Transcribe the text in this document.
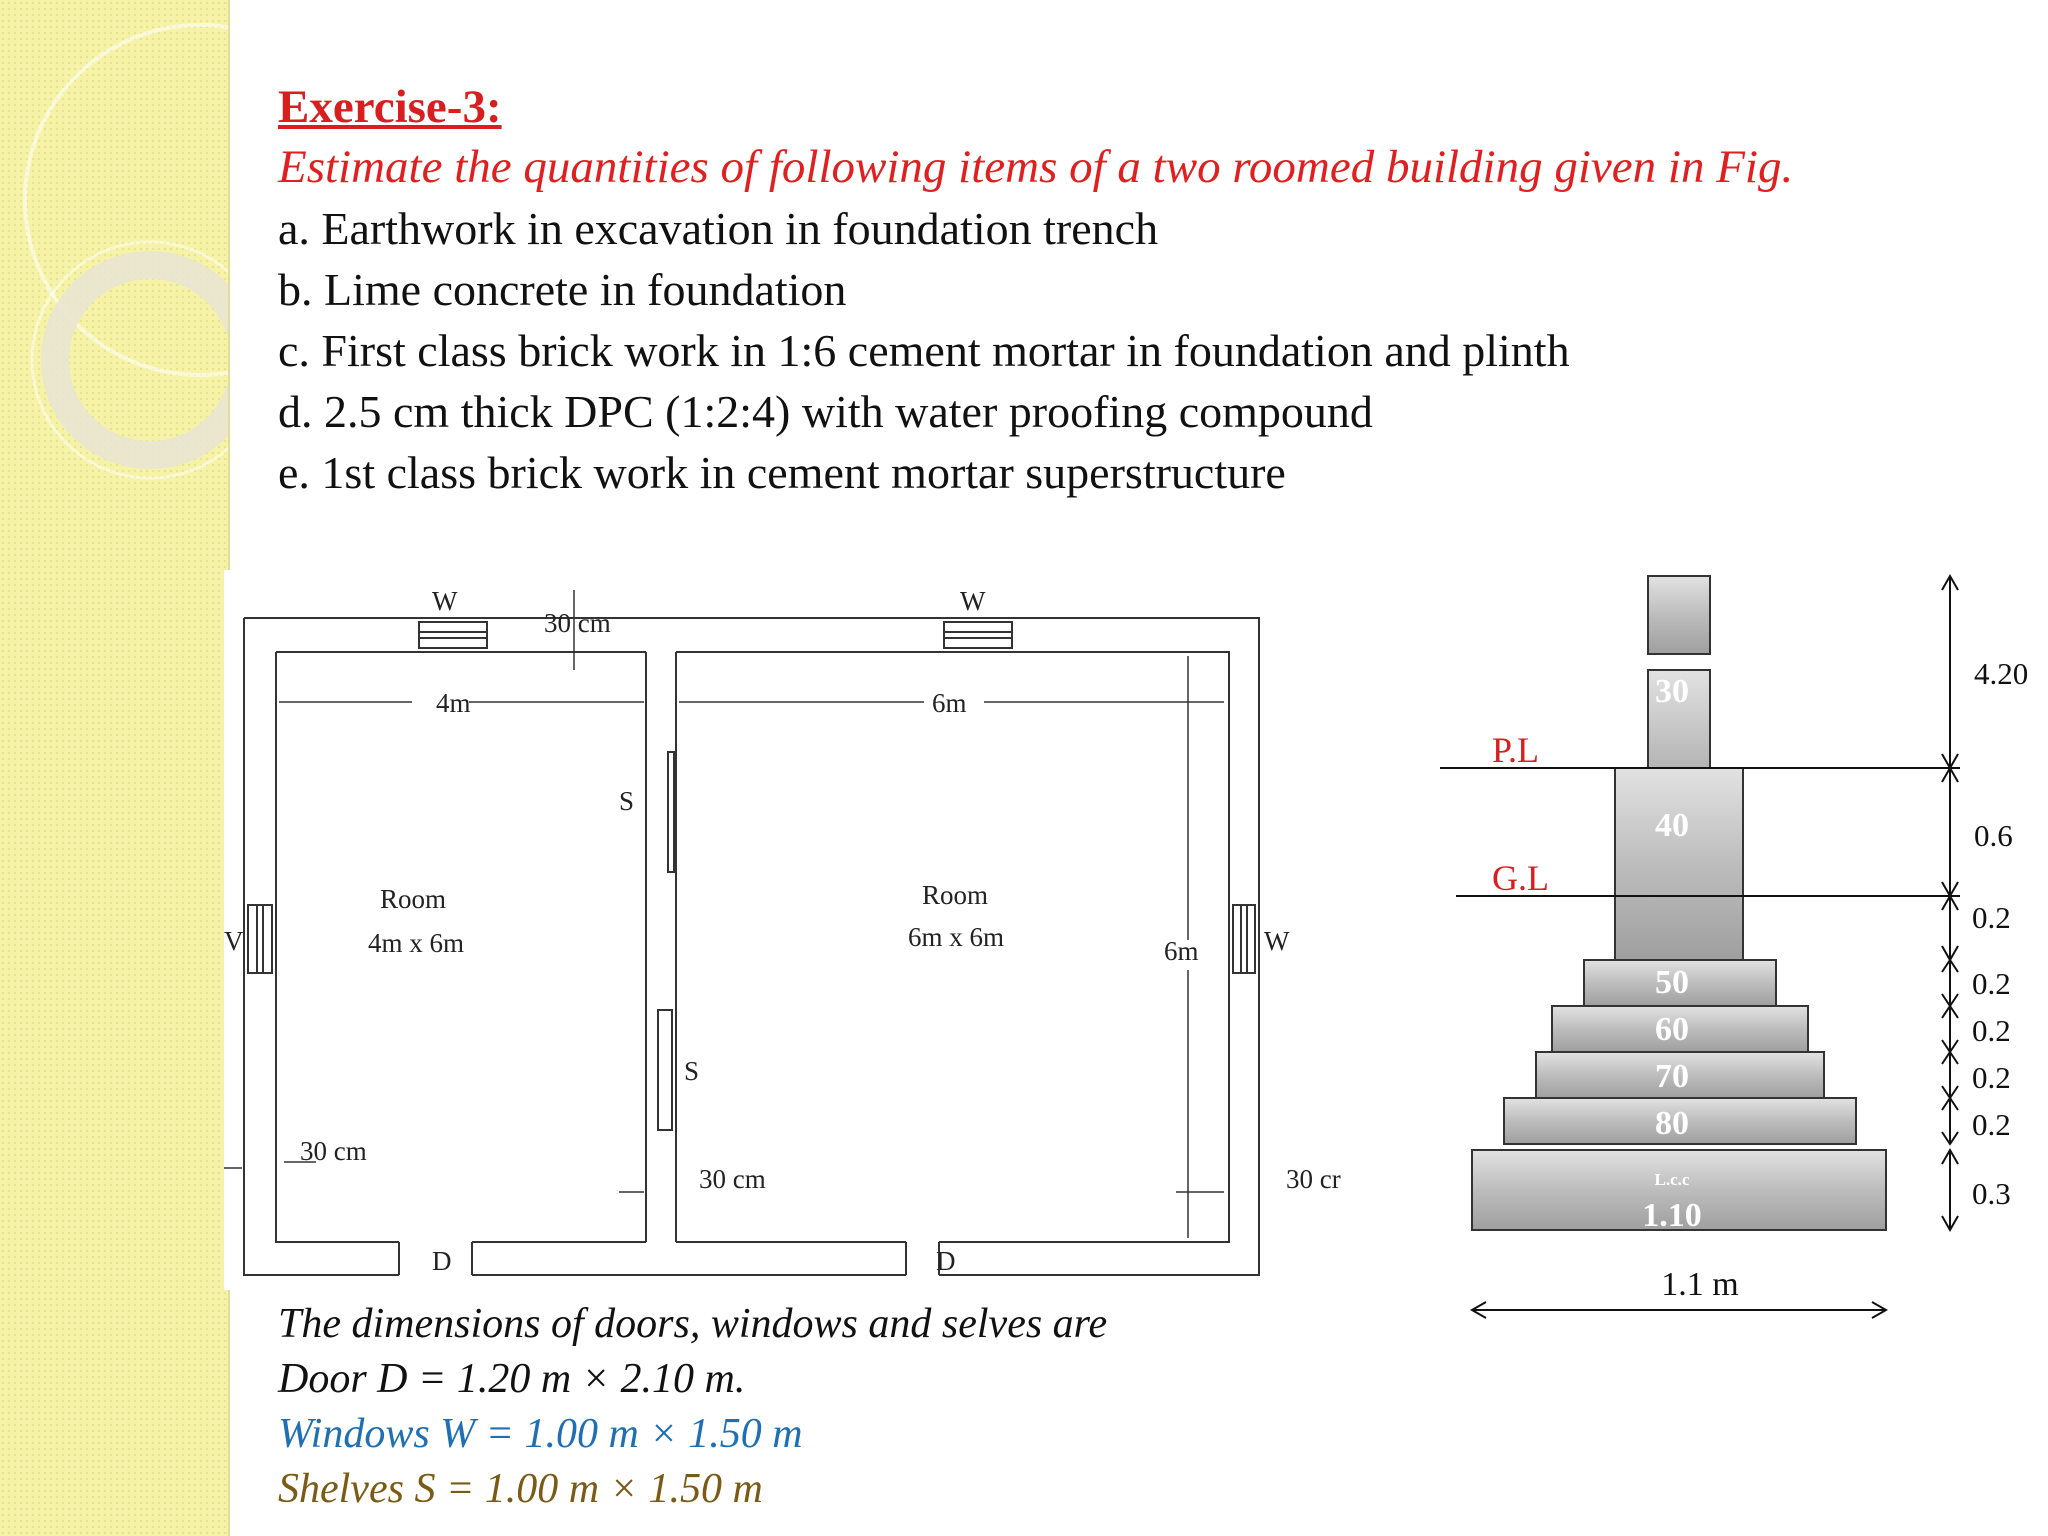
Exercise-3:
Estimate the quantities of following items of a two roomed building given in Fig.
a. Earthwork in excavation in foundation trench
b. Lime concrete in foundation
c. First class brick work in 1:6 cement mortar in foundation and plinth
d. 2.5 cm thick DPC (1:2:4) with water proofing compound
e. 1st class brick work in cement mortar superstructure
W	W
W
V
30 cm
4m	6m
6m
S
S
Room
4m x 6m
Room
6m x 6m
30 cm
30 cm	30 cr
D	D
30
40
50
60
70
80
L.c.c
1.10
P.L
G.L
1.1 m
4.20
0.6
0.2
0.2
0.2
0.2
0.2
0.3
The dimensions of doors, windows and selves are
Door D = 1.20 m × 2.10 m.
Windows W = 1.00 m × 1.50 m
Shelves S = 1.00 m × 1.50 m
